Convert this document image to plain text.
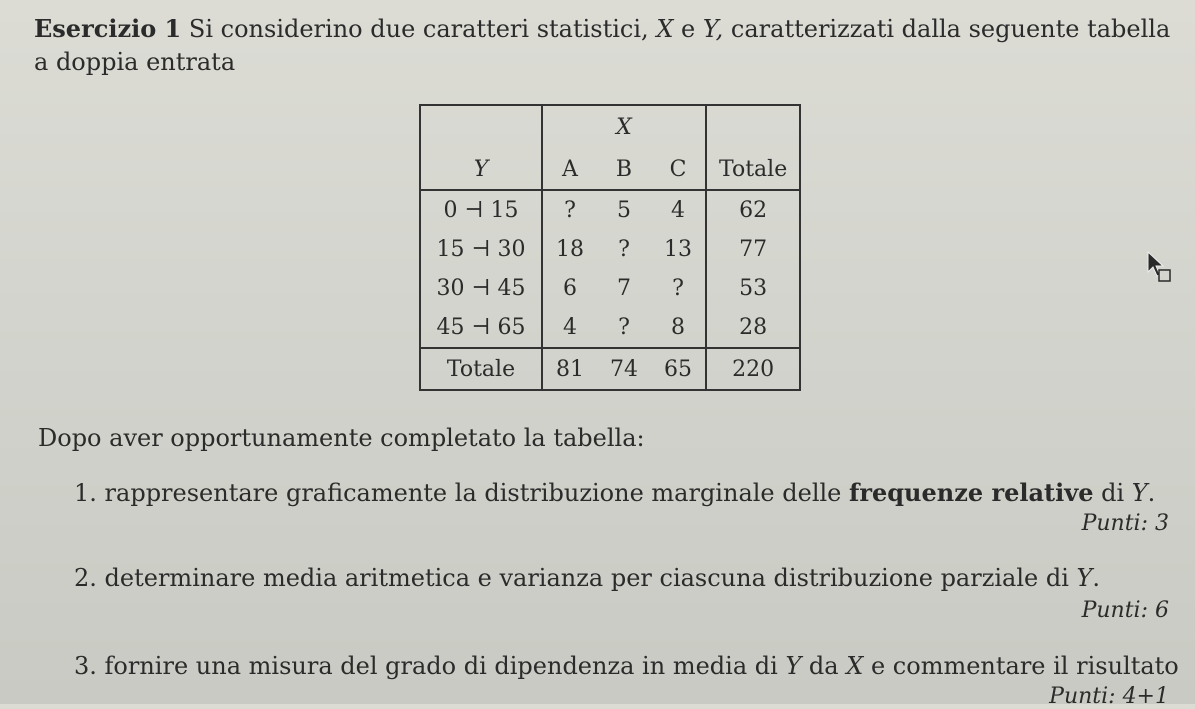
Esercizio 1 Si considerino due caratteri statistici, X e Y, caratterizzati dalla seguente tabella
a doppia entrata
	X			
Y	A	B	C	Totale
0 ⊣ 15	?	5	4	62
15 ⊣ 30	18	?	13	77
30 ⊣ 45	6	7	?	53
45 ⊣ 65	4	?	8	28
Totale	81	74	65	220
Dopo aver opportunamente completato la tabella:
1. rappresentare graficamente la distribuzione marginale delle frequenze relative di Y.
Punti: 3
2. determinare media aritmetica e varianza per ciascuna distribuzione parziale di Y.
Punti: 6
3. fornire una misura del grado di dipendenza in media di Y da X e commentare il risultato
Punti: 4+1
